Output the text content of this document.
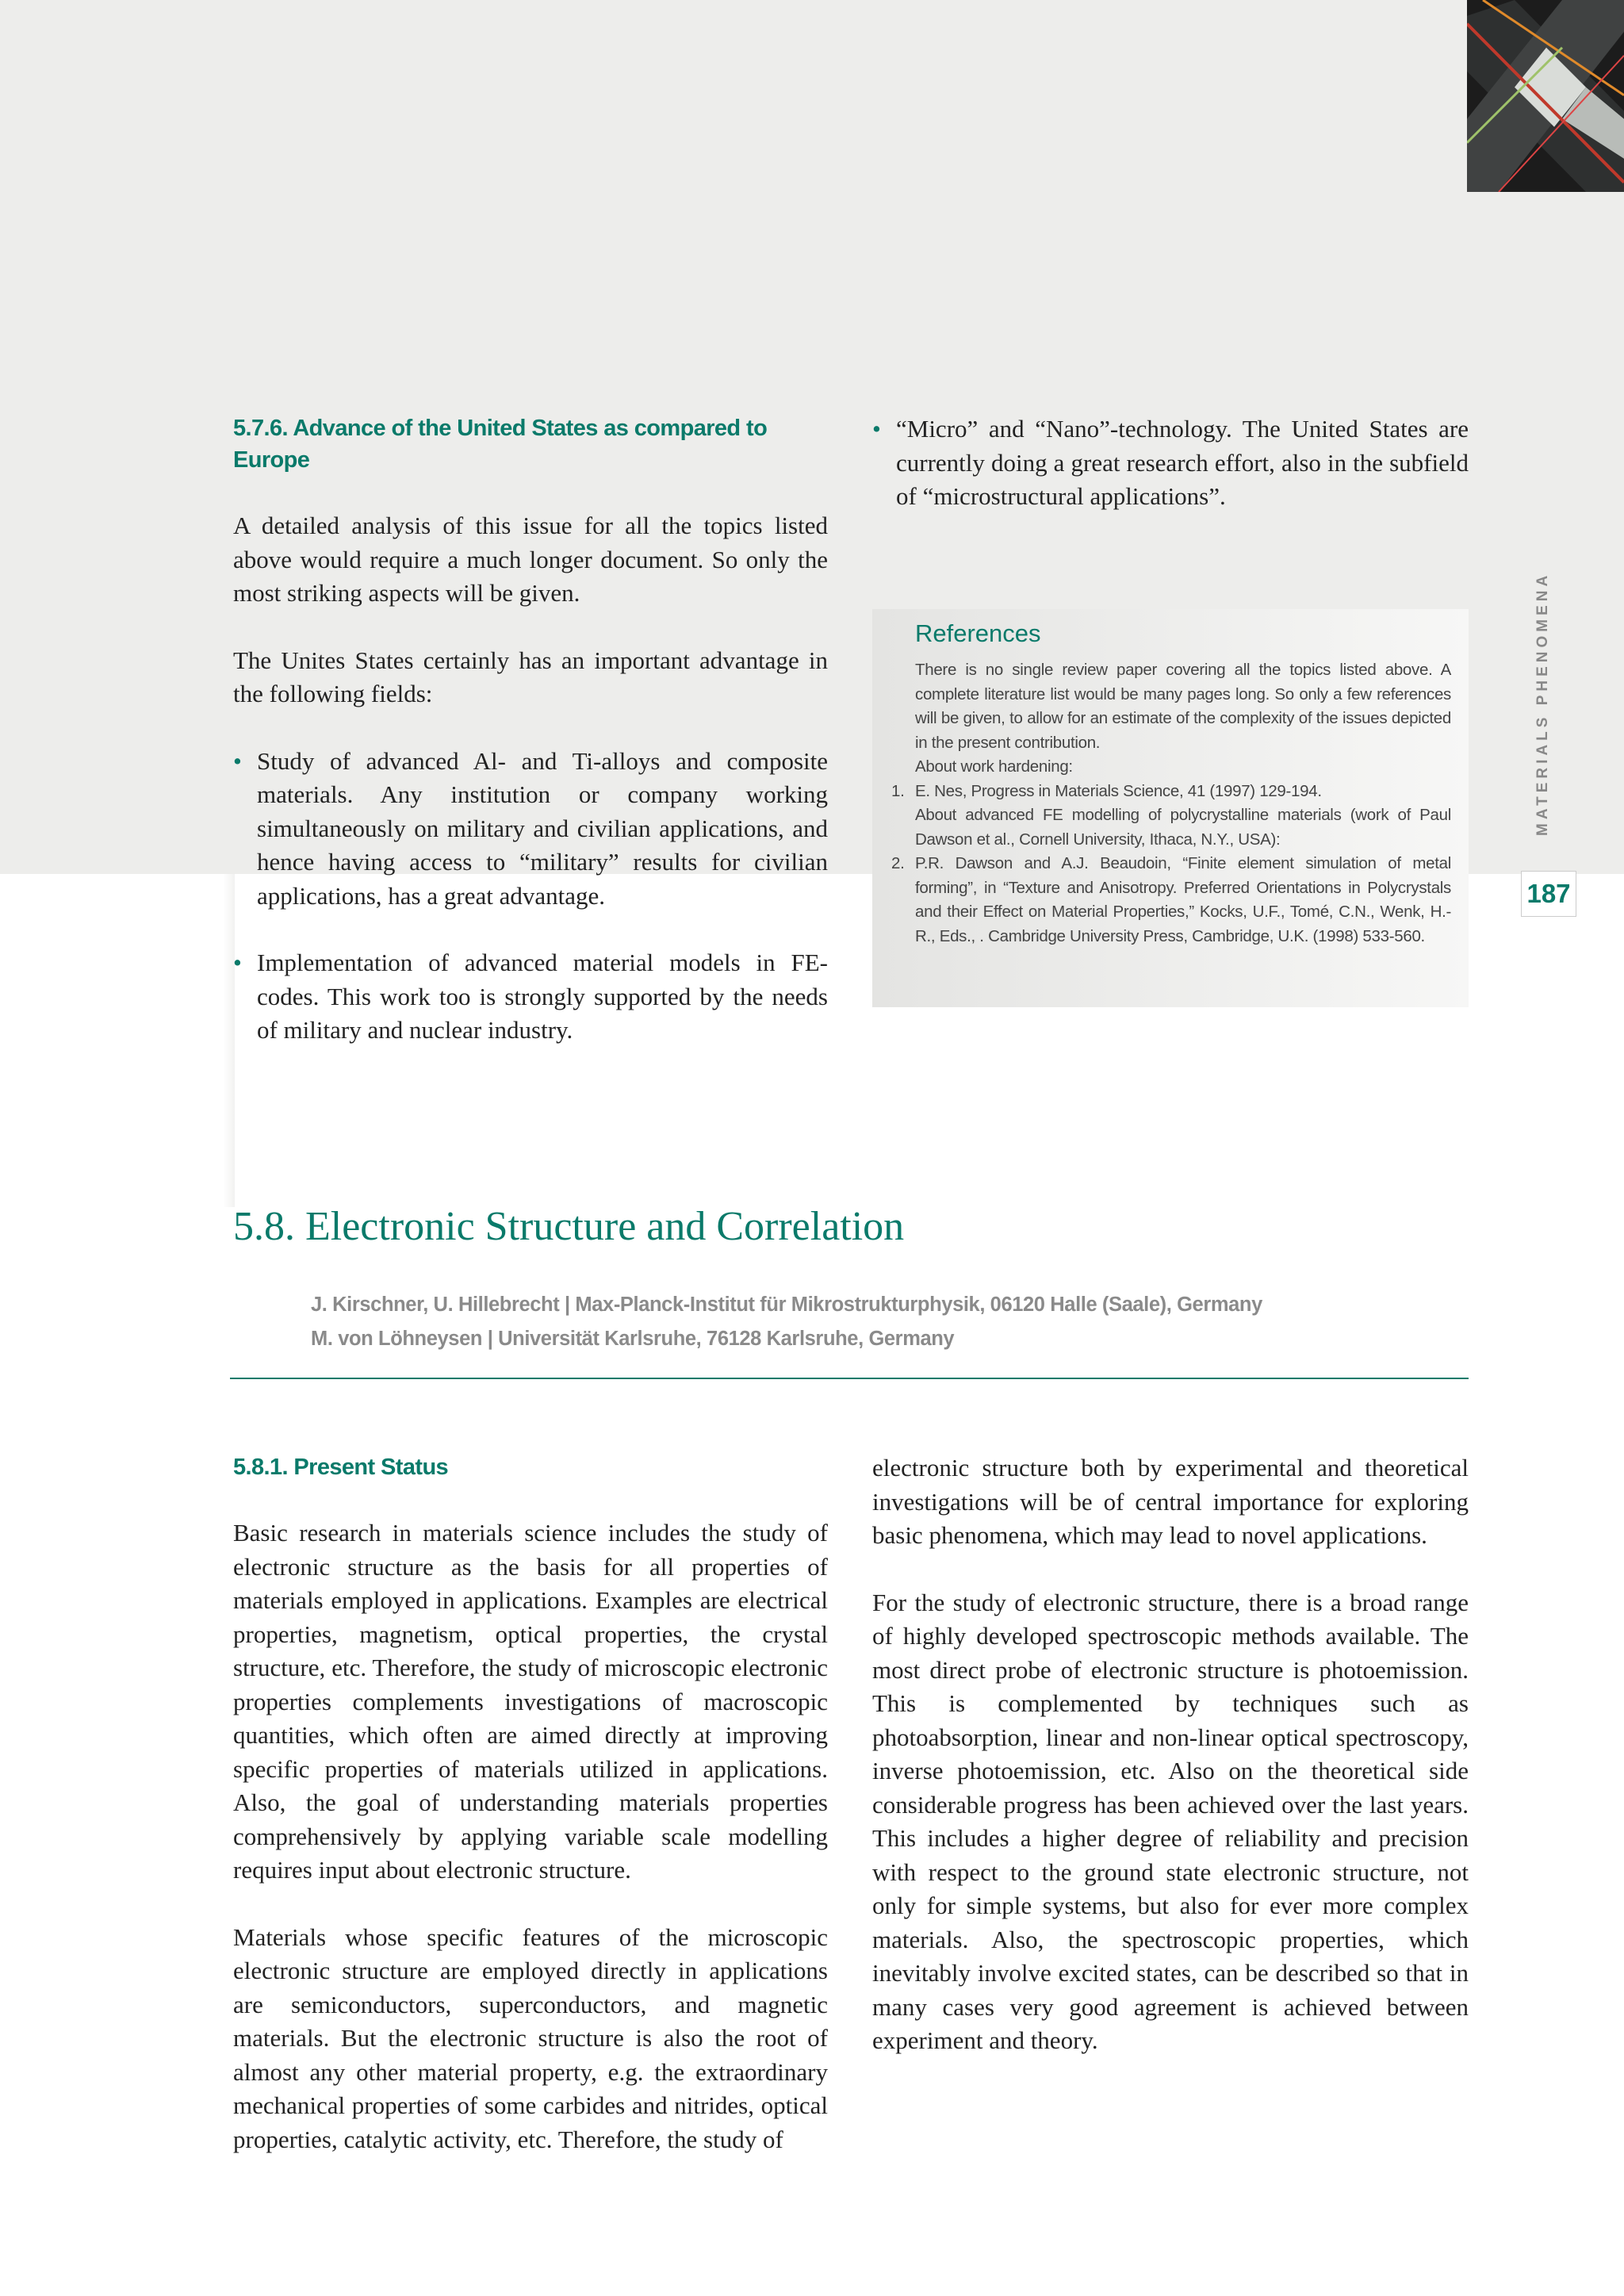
5.7.6. Advance of the United States as compared to Europe

A detailed analysis of this issue for all the topics listed above would require a much longer document. So only the most striking aspects will be given.

The Unites States certainly has an important advantage in the following fields:

• Study of advanced Al- and Ti-alloys and composite materials. Any institution or company working simultaneously on military and civilian applications, and hence having access to “military” results for civilian applications, has a great advantage.
• Implementation of advanced material models in FE-codes. This work too is strongly supported by the needs of military and nuclear industry.
• “Micro” and “Nano”-technology. The United States are currently doing a great research effort, also in the subfield of “microstructural applications”.
References
There is no single review paper covering all the topics listed above. A complete literature list would be many pages long. So only a few references will be given, to allow for an estimate of the complexity of the issues depicted in the present contribution.
About work hardening:
1. E. Nes, Progress in Materials Science, 41 (1997) 129-194.
About advanced FE modelling of polycrystalline materials (work of Paul Dawson et al., Cornell University, Ithaca, N.Y., USA):
2. P.R. Dawson and A.J. Beaudoin, “Finite element simulation of metal forming”, in “Texture and Anisotropy. Preferred Orientations in Polycrystals and their Effect on Material Properties,” Kocks, U.F., Tomé, C.N., Wenk, H.-R., Eds., . Cambridge University Press, Cambridge, U.K. (1998) 533-560.
MATERIALS PHENOMENA
187
5.8. Electronic Structure and Correlation
J. Kirschner, U. Hillebrecht | Max-Planck-Institut für Mikrostrukturphysik, 06120 Halle (Saale), Germany
M. von Löhneysen | Universität Karlsruhe, 76128 Karlsruhe, Germany
5.8.1. Present Status

Basic research in materials science includes the study of electronic structure as the basis for all properties of materials employed in applications. Examples are electrical properties, magnetism, optical properties, the crystal structure, etc. Therefore, the study of microscopic electronic properties complements investigations of macroscopic quantities, which often are aimed directly at improving specific properties of materials utilized in applications. Also, the goal of understanding materials properties comprehensively by applying variable scale modelling requires input about electronic structure.

Materials whose specific features of the microscopic electronic structure are employed directly in applications are semiconductors, superconductors, and magnetic materials. But the electronic structure is also the root of almost any other material property, e.g. the extraordinary mechanical properties of some carbides and nitrides, optical properties, catalytic activity, etc. Therefore, the study of

electronic structure both by experimental and theoretical investigations will be of central importance for exploring basic phenomena, which may lead to novel applications.

For the study of electronic structure, there is a broad range of highly developed spectroscopic methods available. The most direct probe of electronic structure is photoemission. This is complemented by techniques such as photoabsorption, linear and non-linear optical spectroscopy, inverse photoemission, etc. Also on the theoretical side considerable progress has been achieved over the last years. This includes a higher degree of reliability and precision with respect to the ground state electronic structure, not only for simple systems, but also for ever more complex materials. Also, the spectroscopic properties, which inevitably involve excited states, can be described so that in many cases very good agreement is achieved between experiment and theory.
